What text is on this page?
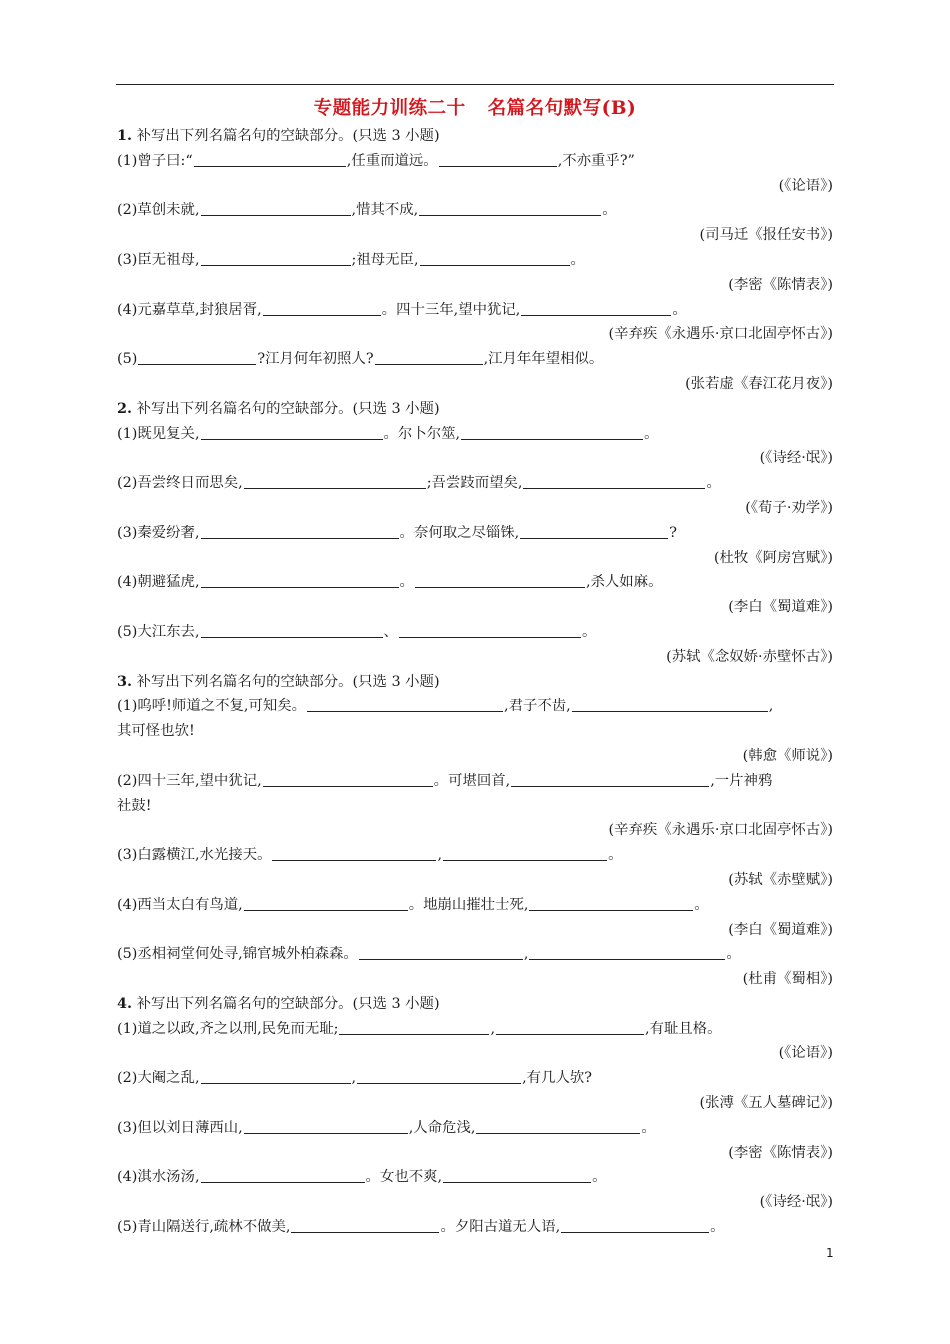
专题能力训练二十 名篇名句默写(B)
1. 补写出下列名篇名句的空缺部分。(只选 3 小题)
(1)曾子曰:“	,任重而道远。	,不亦重乎?”
(《论语》)
(2)草创未就,	,惜其不成,	。
(司马迁《报任安书》)
(3)臣无祖母,	;祖母无臣,	。
(李密《陈情表》)
(4)元嘉草草,封狼居胥,	。四十三年,望中犹记,	。
(辛弃疾《永遇乐·京口北固亭怀古》)
(5)	?江月何年初照人?	,江月年年望相似。
(张若虚《春江花月夜》)
2. 补写出下列名篇名句的空缺部分。(只选 3 小题)
(1)既见复关,	。尔卜尔筮,	。
(《诗经·氓》)
(2)吾尝终日而思矣,	;吾尝跂而望矣,	。
(《荀子·劝学》)
(3)秦爱纷奢,	。奈何取之尽锱铢,	?
(杜牧《阿房宫赋》)
(4)朝避猛虎,	。	,杀人如麻。
(李白《蜀道难》)
(5)大江东去,	、	。
(苏轼《念奴娇·赤壁怀古》)
3. 补写出下列名篇名句的空缺部分。(只选 3 小题)
(1)呜呼!师道之不复,可知矣。	,君子不齿,	,
其可怪也欤!
(韩愈《师说》)
(2)四十三年,望中犹记,	。可堪回首,	,一片神鸦
社鼓!
(辛弃疾《永遇乐·京口北固亭怀古》)
(3)白露横江,水光接天。	,	。
(苏轼《赤壁赋》)
(4)西当太白有鸟道,	。地崩山摧壮士死,	。
(李白《蜀道难》)
(5)丞相祠堂何处寻,锦官城外柏森森。	,	。
(杜甫《蜀相》)
4. 补写出下列名篇名句的空缺部分。(只选 3 小题)
(1)道之以政,齐之以刑,民免而无耻;	,	,有耻且格。
(《论语》)
(2)大阉之乱,	,	,有几人欤?
(张溥《五人墓碑记》)
(3)但以刘日薄西山,	,人命危浅,	。
(李密《陈情表》)
(4)淇水汤汤,	。女也不爽,	。
(《诗经·氓》)
(5)青山隔送行,疏林不做美,	。夕阳古道无人语,	。
1
